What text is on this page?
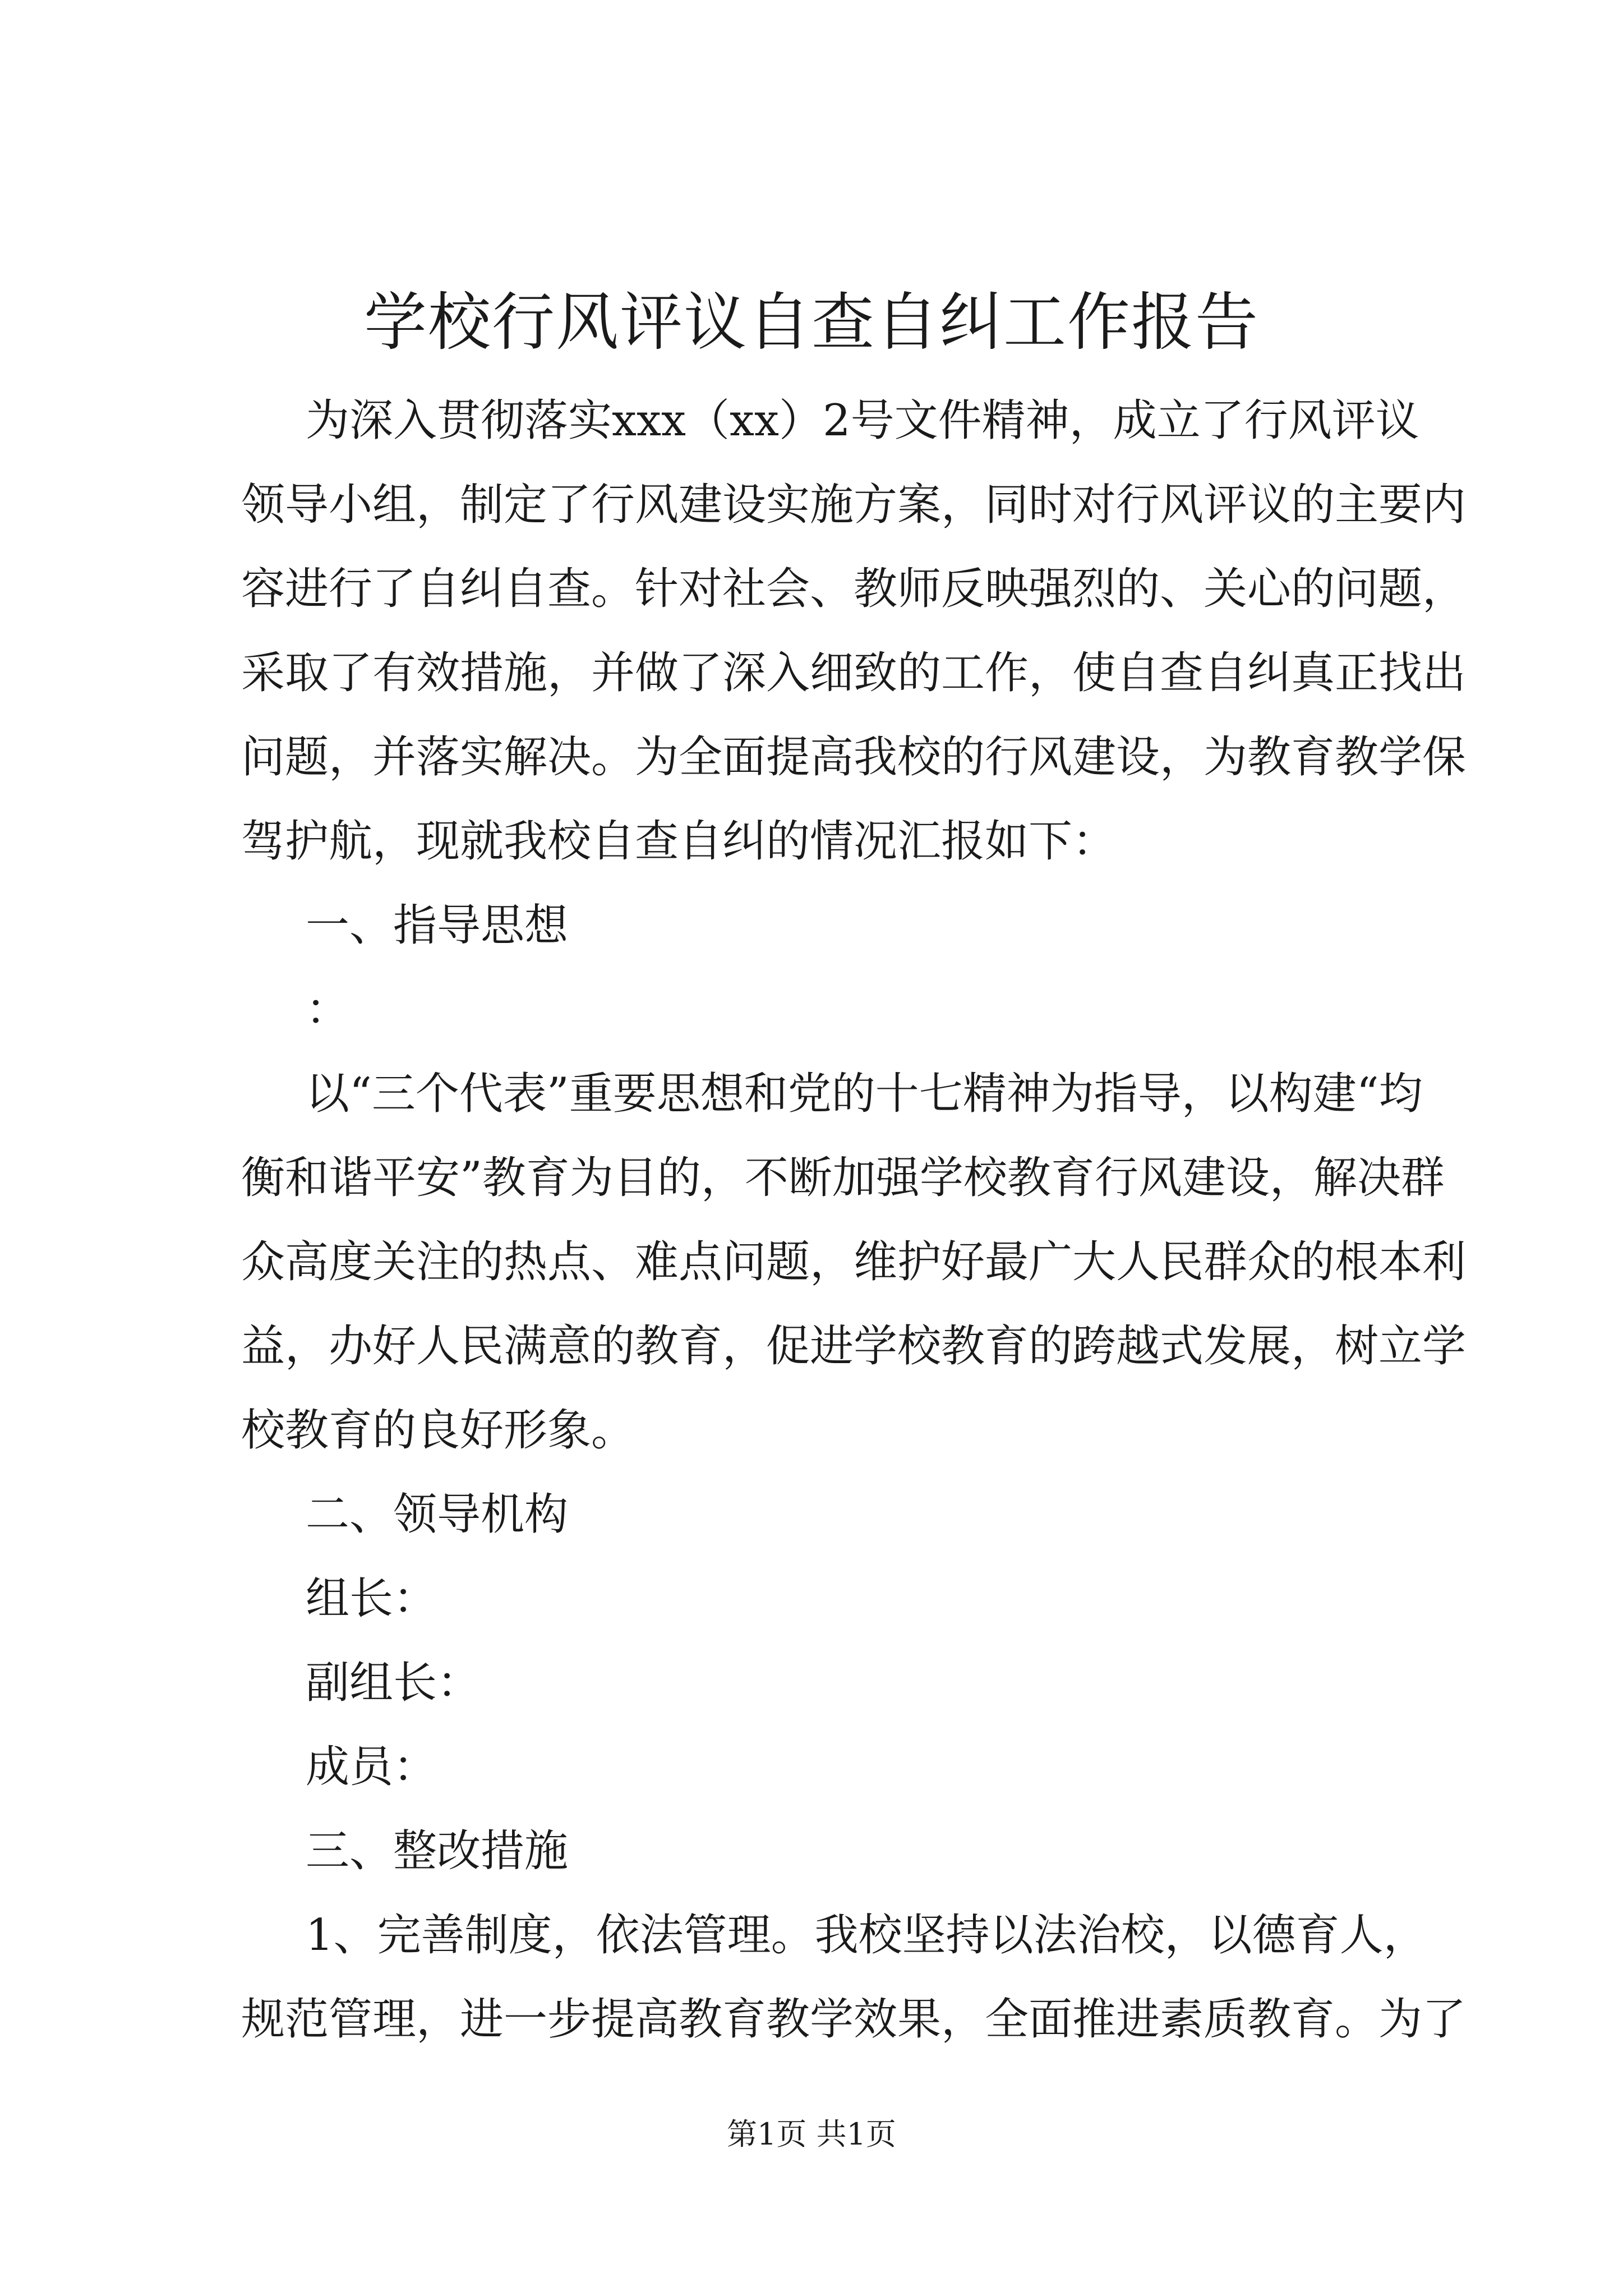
学校行风评议自查自纠工作报告

为深入贯彻落实xxx（xx）2号文件精神，成立了行风评议

领导小组，制定了行风建设实施方案，同时对行风评议的主要内

容进行了自纠自查。针对社会、教师反映强烈的、关心的问题，

采取了有效措施，并做了深入细致的工作，使自查自纠真正找出

问题，并落实解决。为全面提高我校的行风建设，为教育教学保

驾护航，现就我校自查自纠的情况汇报如下：

一、指导思想

：

以“三个代表”重要思想和党的十七精神为指导，以构建“均

衡和谐平安”教育为目的，不断加强学校教育行风建设，解决群

众高度关注的热点、难点问题，维护好最广大人民群众的根本利

益，办好人民满意的教育，促进学校教育的跨越式发展，树立学

校教育的良好形象。

二、领导机构

组长：

副组长：

成员：

三、整改措施

1、完善制度，依法管理。我校坚持以法治校，以德育人，

规范管理，进一步提高教育教学效果，全面推进素质教育。为了

第1页 共1页
